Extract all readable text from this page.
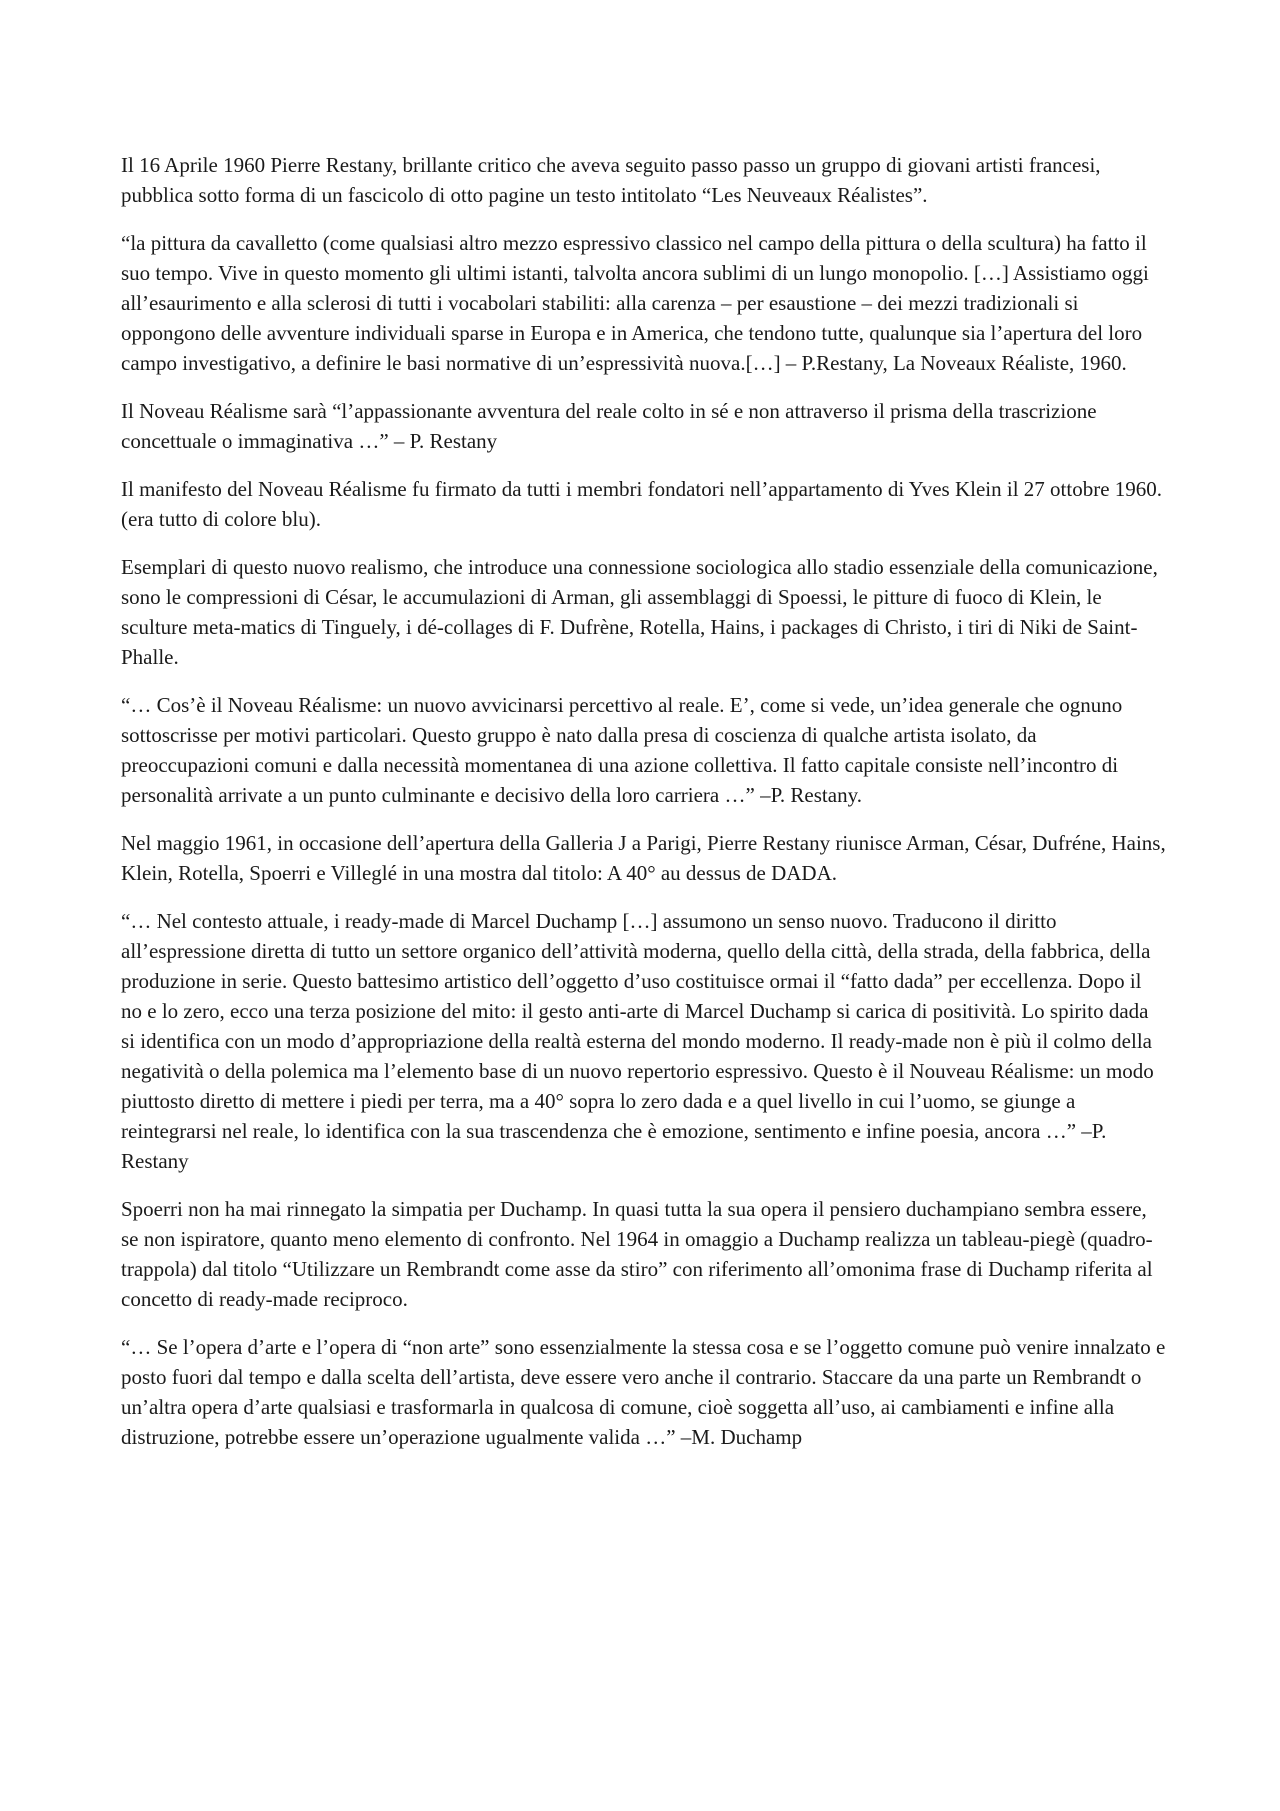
Il 16 Aprile 1960 Pierre Restany, brillante critico che aveva seguito passo passo un gruppo di giovani artisti francesi, pubblica sotto forma di un fascicolo di otto pagine un testo intitolato “Les Neuveaux Réalistes”.

“la pittura da cavalletto (come qualsiasi altro mezzo espressivo classico nel campo della pittura o della scultura) ha fatto il suo tempo. Vive in questo momento gli ultimi istanti, talvolta ancora sublimi di un lungo monopolio. […] Assistiamo oggi all’esaurimento e alla sclerosi di tutti i vocabolari stabiliti: alla carenza – per esaustione – dei mezzi tradizionali si oppongono delle avventure individuali sparse in Europa e in America, che tendono tutte, qualunque sia l’apertura del loro campo investigativo, a definire le basi normative di un’espressività nuova.[…] – P.Restany, La Noveaux Réaliste, 1960.

Il Noveau Réalisme sarà “l’appassionante avventura del reale colto in sé e non attraverso il prisma della trascrizione concettuale o immaginativa …” – P. Restany

Il manifesto del Noveau Réalisme fu firmato da tutti i membri fondatori nell’appartamento di Yves Klein il 27 ottobre 1960. (era tutto di colore blu).

Esemplari di questo nuovo realismo, che introduce una connessione sociologica allo stadio essenziale della comunicazione, sono le compressioni di César, le accumulazioni di Arman, gli assemblaggi di Spoessi, le pitture di fuoco di Klein, le sculture meta-matics di Tinguely, i dé-collages di F. Dufrène, Rotella, Hains, i packages di Christo, i tiri di Niki de Saint-Phalle.

“… Cos’è il Noveau Réalisme: un nuovo avvicinarsi percettivo al reale. E’, come si vede, un’idea generale che ognuno sottoscrisse per motivi particolari. Questo gruppo è nato dalla presa di coscienza di qualche artista isolato, da preoccupazioni comuni e dalla necessità momentanea di una azione collettiva. Il fatto capitale consiste nell’incontro di personalità arrivate a un punto culminante e decisivo della loro carriera …” –P. Restany.

Nel maggio 1961, in occasione dell’apertura della Galleria J a Parigi, Pierre Restany riunisce Arman, César, Dufréne, Hains, Klein, Rotella, Spoerri e Villeglé in una mostra dal titolo: A 40° au dessus de DADA.

“… Nel contesto attuale, i ready-made di Marcel Duchamp […] assumono un senso nuovo. Traducono il diritto all’espressione diretta di tutto un settore organico dell’attività moderna, quello della città, della strada, della fabbrica, della produzione in serie. Questo battesimo artistico dell’oggetto d’uso costituisce ormai il “fatto dada” per eccellenza. Dopo il no e lo zero, ecco una terza posizione del mito: il gesto anti-arte di Marcel Duchamp si carica di positività. Lo spirito dada si identifica con un modo d’appropriazione della realtà esterna del mondo moderno. Il ready-made non è più il colmo della negatività o della polemica ma l’elemento base di un nuovo repertorio espressivo. Questo è il Nouveau Réalisme: un modo piuttosto diretto di mettere i piedi per terra, ma a 40° sopra lo zero dada e a quel livello in cui l’uomo, se giunge a reintegrarsi nel reale, lo identifica con la sua trascendenza che è emozione, sentimento e infine poesia, ancora …” –P. Restany

Spoerri non ha mai rinnegato la simpatia per Duchamp. In quasi tutta la sua opera il pensiero duchampiano sembra essere, se non ispiratore, quanto meno elemento di confronto. Nel 1964 in omaggio a Duchamp realizza un tableau-piegè (quadro-trappola) dal titolo “Utilizzare un Rembrandt come asse da stiro” con riferimento all’omonima frase di Duchamp riferita al concetto di ready-made reciproco.

“… Se l’opera d’arte e l’opera di “non arte” sono essenzialmente la stessa cosa e se l’oggetto comune può venire innalzato e posto fuori dal tempo e dalla scelta dell’artista, deve essere vero anche il contrario. Staccare da una parte un Rembrandt o un’altra opera d’arte qualsiasi e trasformarla in qualcosa di comune, cioè soggetta all’uso, ai cambiamenti e infine alla distruzione, potrebbe essere un’operazione ugualmente valida …” –M. Duchamp
